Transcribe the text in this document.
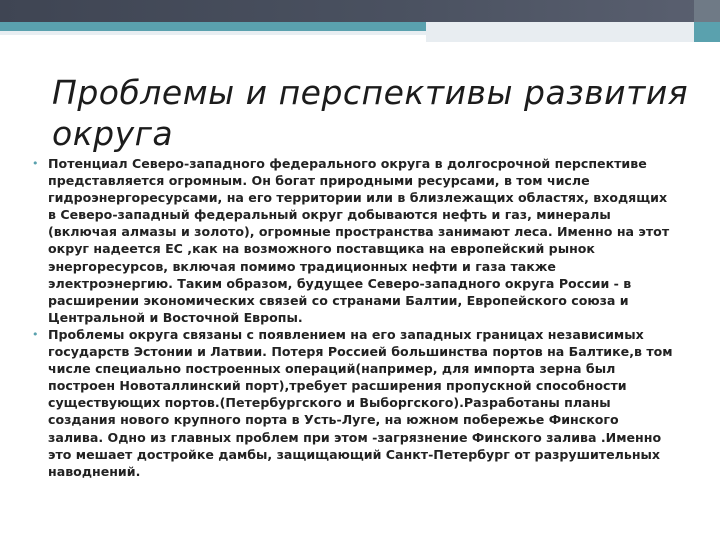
Проблемы и перспективы развития округа
• Потенциал Северо-западного федерального округа в долгосрочной перспективе представляется огромным. Он богат природными ресурсами, в том числе гидроэнергоресурсами, на его территории или в близлежащих областях, входящих в Северо-западный федеральный округ добываются нефть и газ, минералы (включая алмазы и золото), огромные пространства занимают леса. Именно на этот округ надеется ЕС ,как на возможного поставщика на европейский рынок энергоресурсов, включая помимо традиционных нефти и газа также электроэнергию. Таким образом, будущее Северо-западного округа России - в расширении экономических связей со странами Балтии, Европейского союза и Центральной и Восточной Европы.
• Проблемы округа связаны с появлением на его западных границах независимых государств Эстонии и Латвии. Потеря Россией большинства портов на Балтике,в том числе специально построенных операций(например, для импорта зерна был построен Новоталлинский порт),требует расширения пропускной способности существующих портов.(Петербургского и Выборгского).Разработаны планы создания нового крупного порта в Усть-Луге, на южном побережье Финского залива. Одно из главных проблем при этом -загрязнение Финского залива .Именно это мешает достройке дамбы, защищающий Санкт-Петербург от разрушительных наводнений.
